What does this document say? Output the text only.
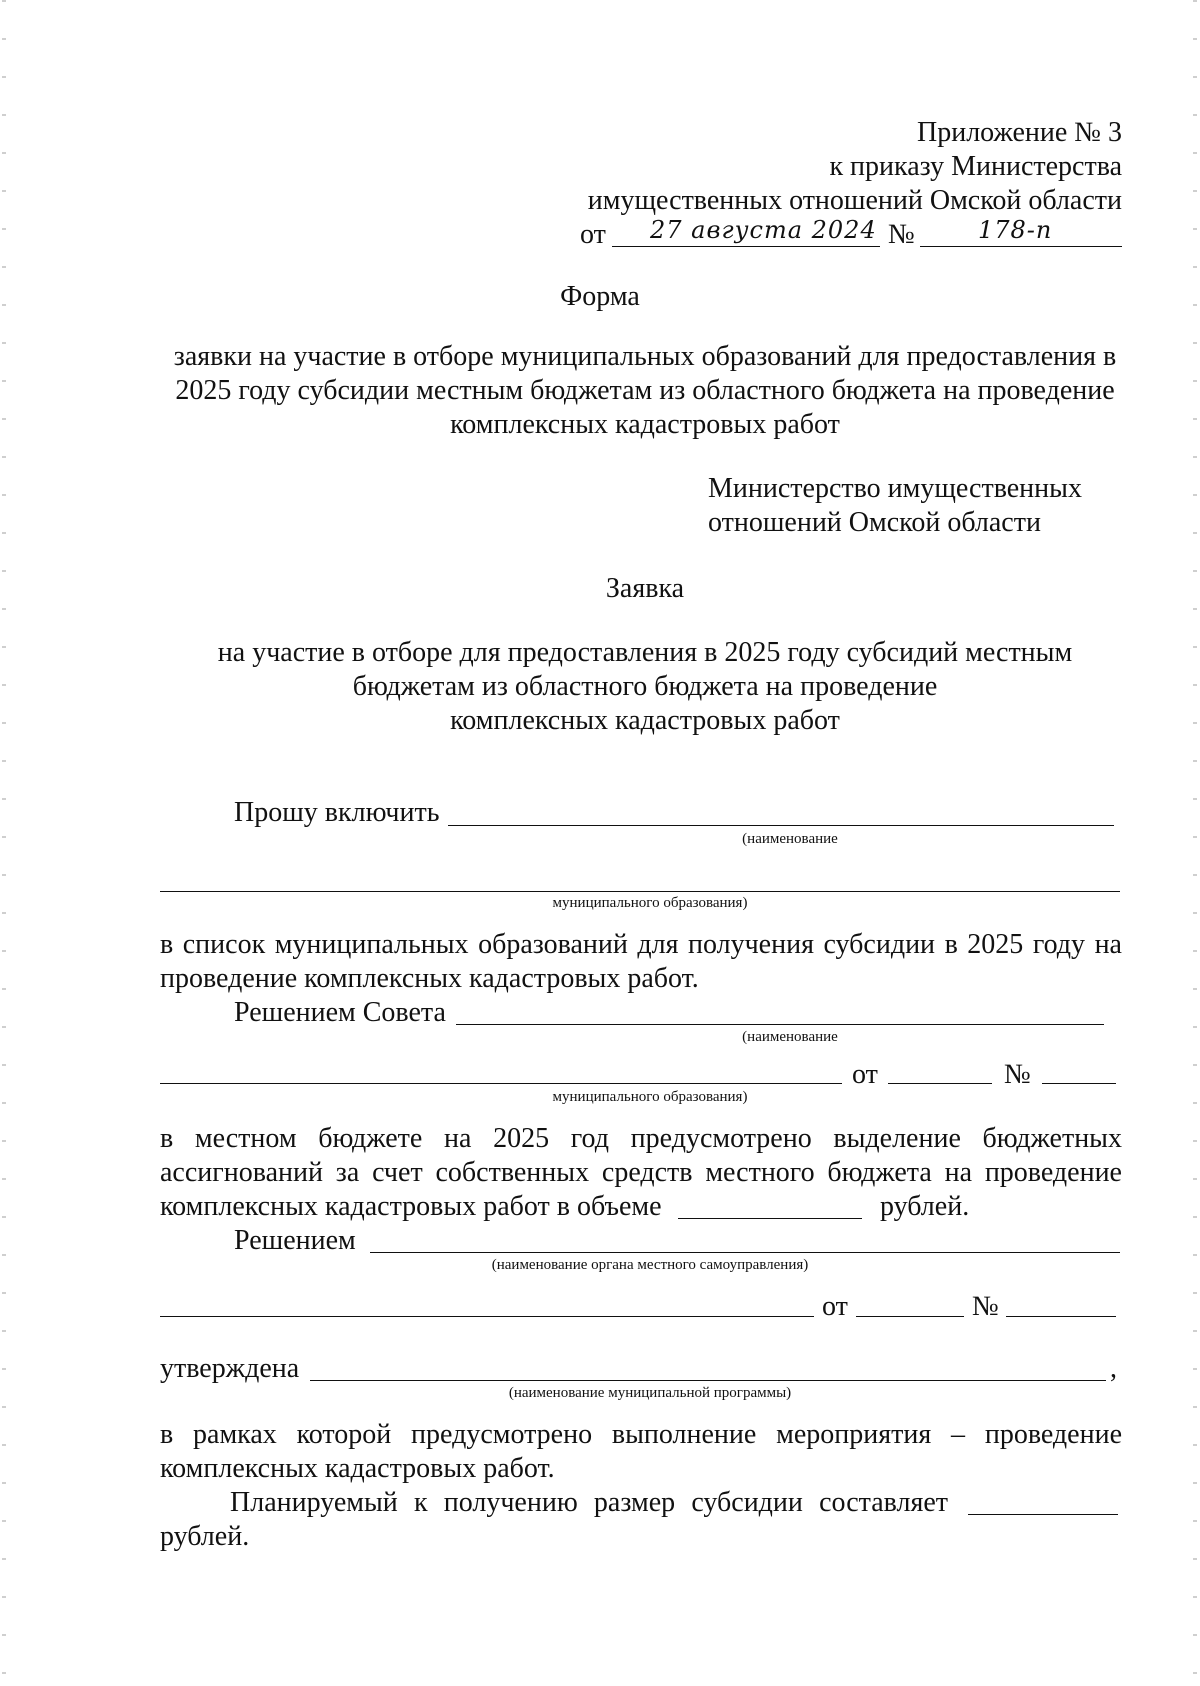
Приложение № 3
к приказу Министерства
имущественных отношений Омской области
от 27 августа 2024 №	178-п
Форма
заявки на участие в отборе муниципальных образований для предоставления в
2025 году субсидии местным бюджетам из областного бюджета на проведение
комплексных кадастровых работ
Министерство имущественных
отношений Омской области
Заявка
на участие в отборе для предоставления в 2025 году субсидий местным
бюджетам из областного бюджета на проведение
комплексных кадастровых работ
Прошу включить
(наименование
муниципального образования)
в список муниципальных образований для получения субсидии в 2025 году на
проведение комплексных кадастровых работ.
Решением Совета
(наименование
от	№
муниципального образования)
в местном бюджете на 2025 год предусмотрено выделение бюджетных
ассигнований за счет собственных средств местного бюджета на проведение
комплексных кадастровых работ в объеме	рублей.
Решением
(наименование органа местного самоуправления)
от	№
утверждена	,
(наименование муниципальной программы)
в рамках которой предусмотрено выполнение мероприятия – проведение
комплексных кадастровых работ.
Планируемый к получению размер субсидии составляет
рублей.
